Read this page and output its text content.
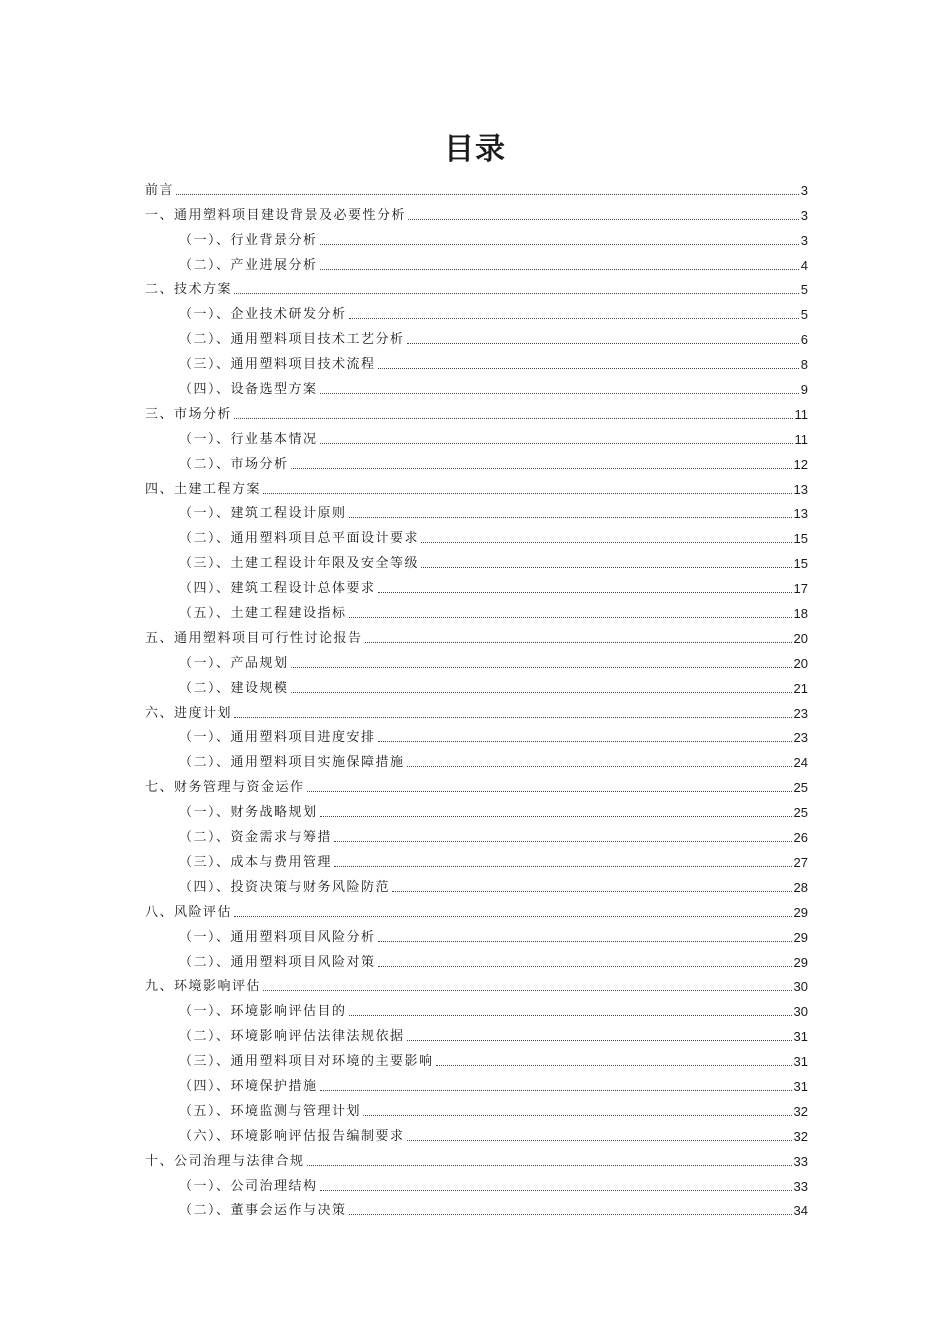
目录
前言	3
一、通用塑料项目建设背景及必要性分析	3
（一）、行业背景分析	3
（二）、产业进展分析	4
二、技术方案	5
（一）、企业技术研发分析	5
（二）、通用塑料项目技术工艺分析	6
（三）、通用塑料项目技术流程	8
（四）、设备选型方案	9
三、市场分析	11
（一）、行业基本情况	11
（二）、市场分析	12
四、土建工程方案	13
（一）、建筑工程设计原则	13
（二）、通用塑料项目总平面设计要求	15
（三）、土建工程设计年限及安全等级	15
（四）、建筑工程设计总体要求	17
（五）、土建工程建设指标	18
五、通用塑料项目可行性讨论报告	20
（一）、产品规划	20
（二）、建设规模	21
六、进度计划	23
（一）、通用塑料项目进度安排	23
（二）、通用塑料项目实施保障措施	24
七、财务管理与资金运作	25
（一）、财务战略规划	25
（二）、资金需求与筹措	26
（三）、成本与费用管理	27
（四）、投资决策与财务风险防范	28
八、风险评估	29
（一）、通用塑料项目风险分析	29
（二）、通用塑料项目风险对策	29
九、环境影响评估	30
（一）、环境影响评估目的	30
（二）、环境影响评估法律法规依据	31
（三）、通用塑料项目对环境的主要影响	31
（四）、环境保护措施	31
（五）、环境监测与管理计划	32
（六）、环境影响评估报告编制要求	32
十、公司治理与法律合规	33
（一）、公司治理结构	33
（二）、董事会运作与决策	34
